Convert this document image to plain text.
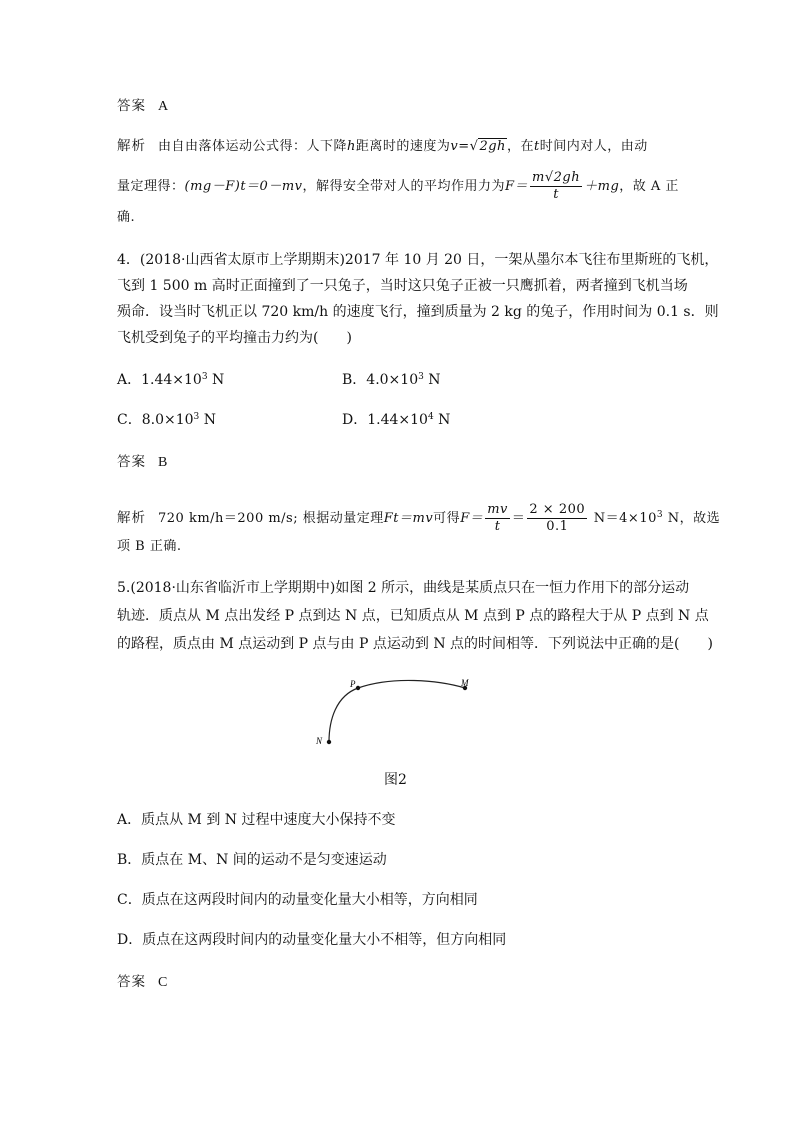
答案 A
解析 由自由落体运动公式得：人下降h距离时的速度为v=√2gh，在t时间内对人，由动
量定理得：(mg－F)t＝0－mv，解得安全带对人的平均作用力为$F= \frac{m√2gh}{t} +mg$，故 A 正
确.
4．(2018·山西省太原市上学期期末)2017 年 10 月 20 日，一架从墨尔本飞往布里斯班的飞机，
飞到 1 500 m 高时正面撞到了一只兔子，当时这只兔子正被一只鹰抓着，两者撞到飞机当场
殒命．设当时飞机正以 720 km/h 的速度飞行，撞到质量为 2 kg 的兔子，作用时间为 0.1 s．则
飞机受到兔子的平均撞击力约为(　　)
A．$1.44\times 10^3$ N	B．$4.0\times 10^3$ N
C．$8.0\times 10^3$ N	D．$1.44\times 10^4$ N
答案 B
解析 720 km/h＝200 m/s; 根据动量定理Ft＝mv可得$F= \frac{mv}{t} = \frac{2 \times 200}{0.1} N=4\times 10^3$ N，故选
项 B 正确.
5.(2018·山东省临沂市上学期期中)如图 2 所示，曲线是某质点只在一恒力作用下的部分运动
轨迹．质点从 M 点出发经 P 点到达 N 点，已知质点从 M 点到 P 点的路程大于从 P 点到 N 点
的路程，质点由 M 点运动到 P 点与由 P 点运动到 N 点的时间相等．下列说法中正确的是(　　)
P	M
N
图2
A．质点从 M 到 N 过程中速度大小保持不变
B．质点在 M、N 间的运动不是匀变速运动
C．质点在这两段时间内的动量变化量大小相等，方向相同
D．质点在这两段时间内的动量变化量大小不相等，但方向相同
答案 C
